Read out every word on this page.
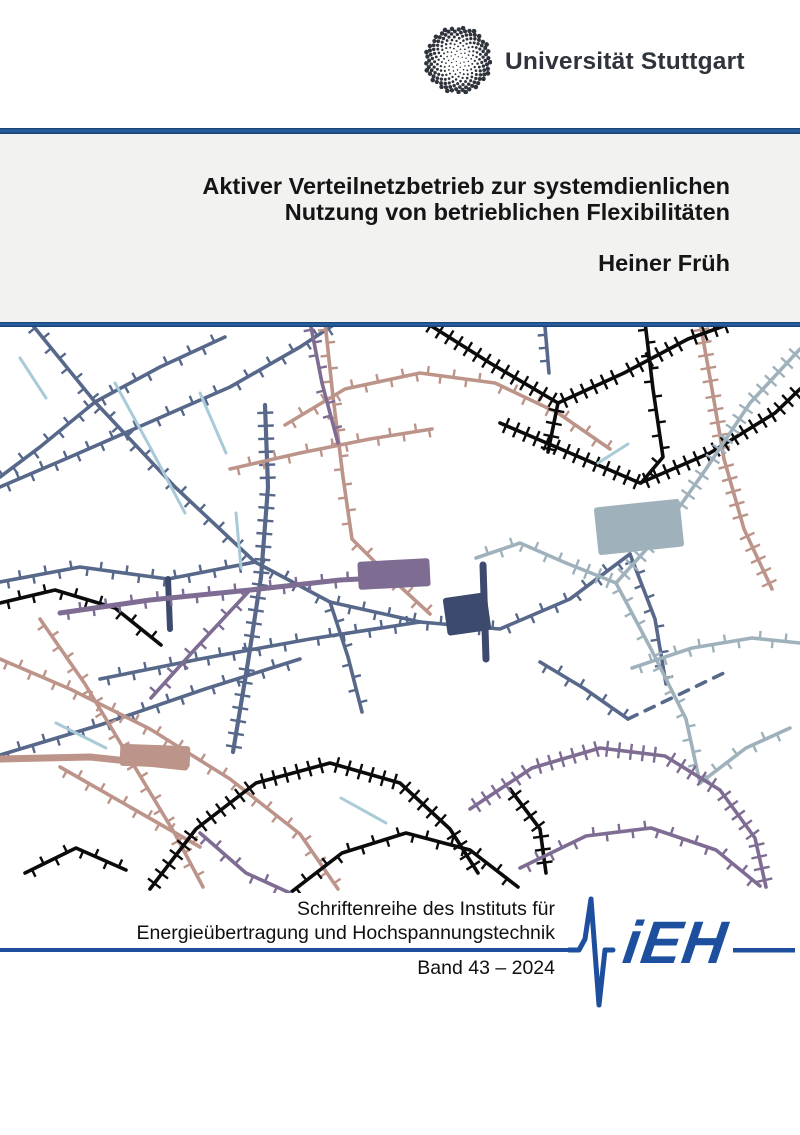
Universität Stuttgart
Aktiver Verteilnetzbetrieb zur systemdienlichen
Nutzung von betrieblichen Flexibilitäten
Heiner Früh
Schriftenreihe des Instituts für
Energieübertragung und Hochspannungstechnik
Band 43 – 2024 iEH
